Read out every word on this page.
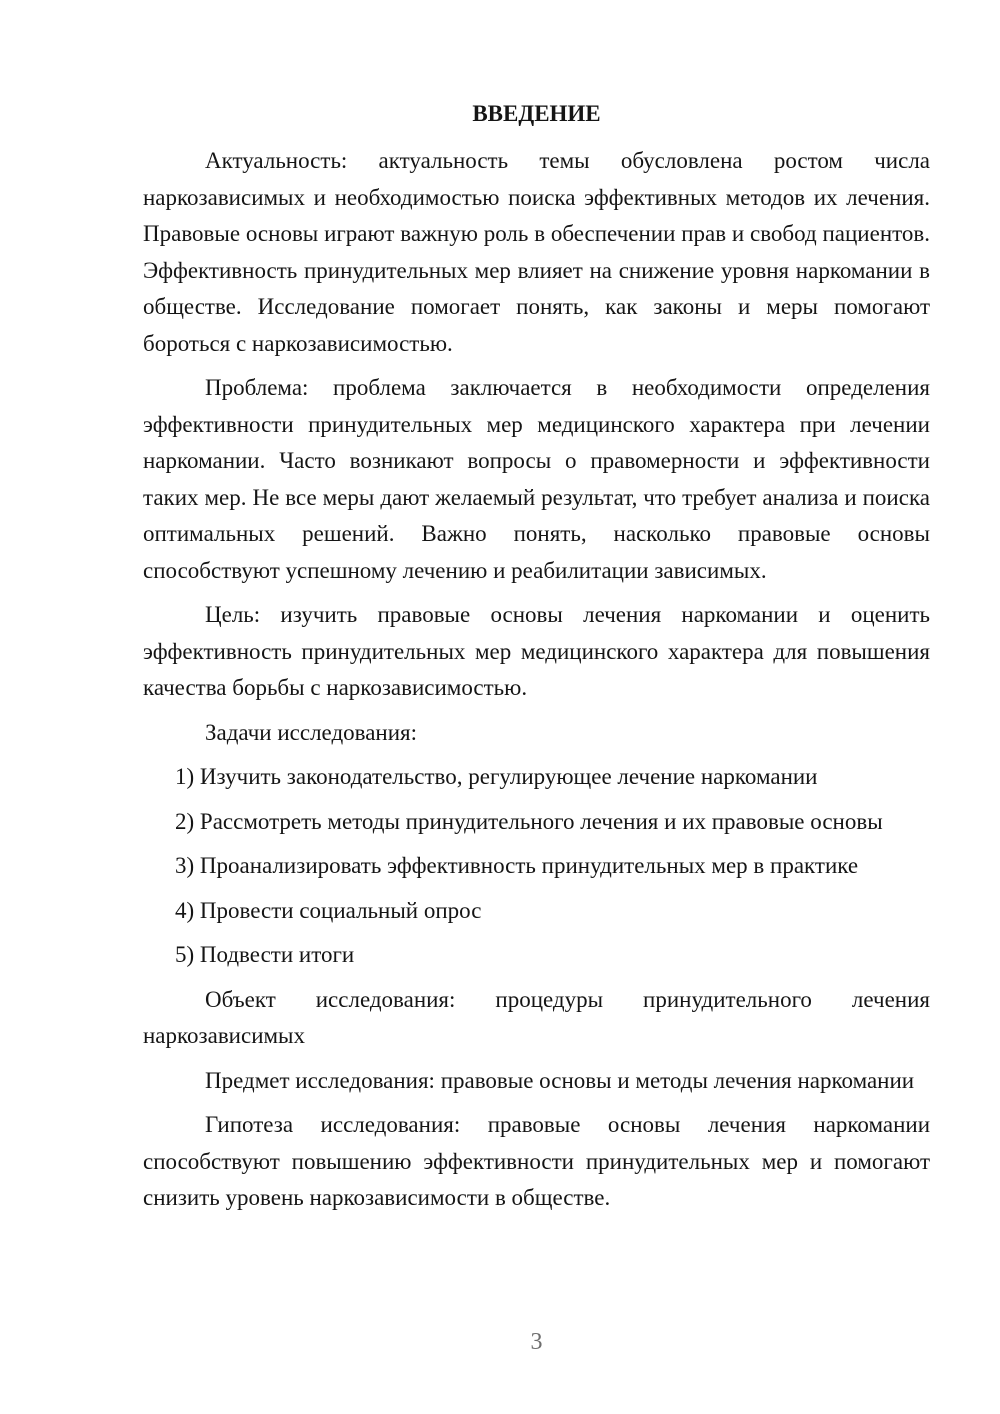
ВВЕДЕНИЕ

Актуальность: актуальность темы обусловлена ростом числа наркозависимых и необходимостью поиска эффективных методов их лечения. Правовые основы играют важную роль в обеспечении прав и свобод пациентов. Эффективность принудительных мер влияет на снижение уровня наркомании в обществе. Исследование помогает понять, как законы и меры помогают бороться с наркозависимостью.

Проблема: проблема заключается в необходимости определения эффективности принудительных мер медицинского характера при лечении наркомании. Часто возникают вопросы о правомерности и эффективности таких мер. Не все меры дают желаемый результат, что требует анализа и поиска оптимальных решений. Важно понять, насколько правовые основы способствуют успешному лечению и реабилитации зависимых.

Цель: изучить правовые основы лечения наркомании и оценить эффективность принудительных мер медицинского характера для повышения качества борьбы с наркозависимостью.

Задачи исследования:

1) Изучить законодательство, регулирующее лечение наркомании

2) Рассмотреть методы принудительного лечения и их правовые основы

3) Проанализировать эффективность принудительных мер в практике

4) Провести социальный опрос

5) Подвести итоги

Объект исследования: процедуры принудительного лечения наркозависимых

Предмет исследования: правовые основы и методы лечения наркомании

Гипотеза исследования: правовые основы лечения наркомании способствуют повышению эффективности принудительных мер и помогают снизить уровень наркозависимости в обществе.

3
